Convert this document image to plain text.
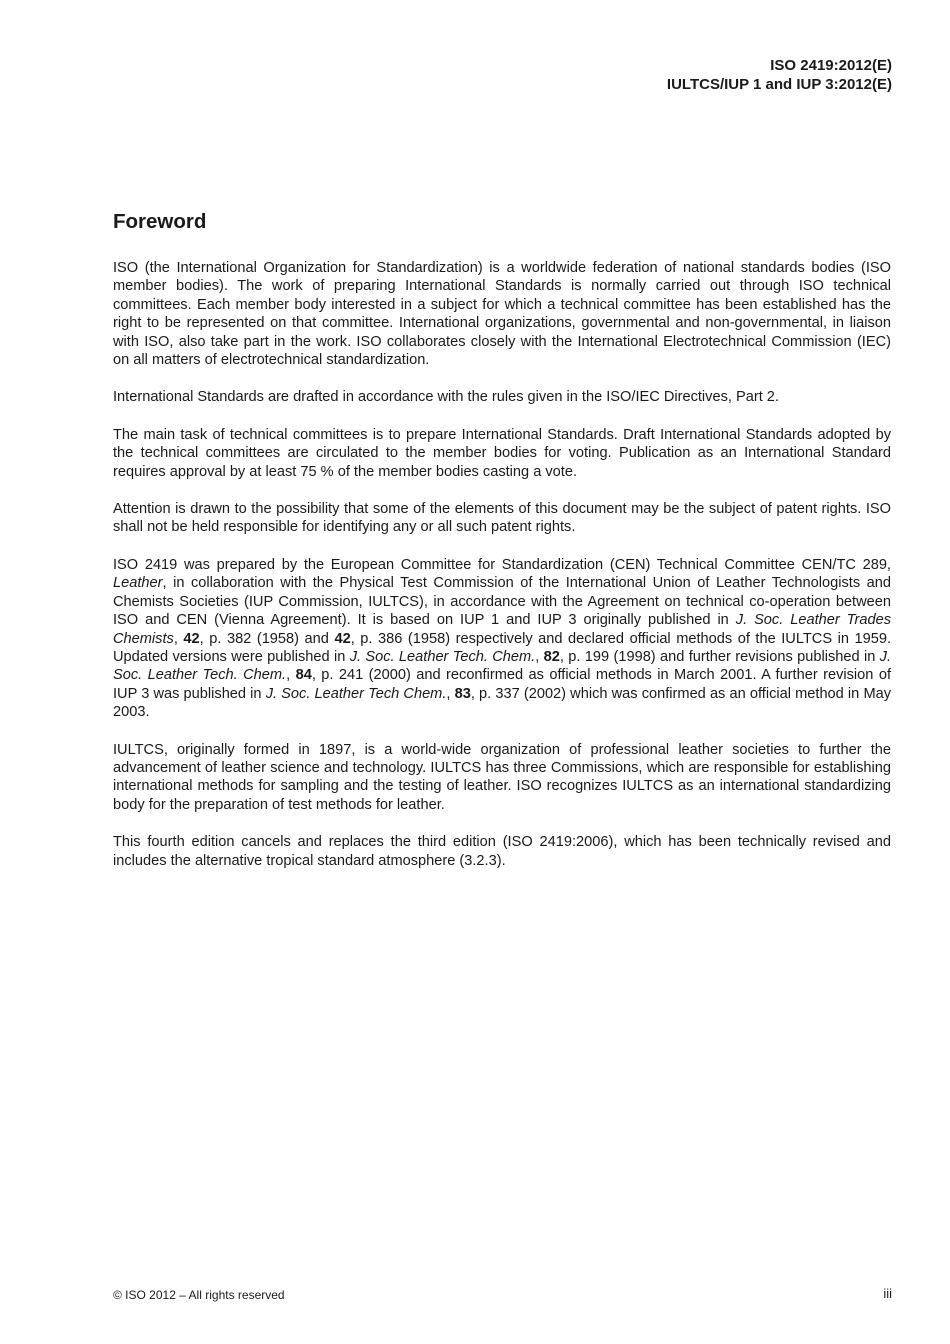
ISO 2419:2012(E)
IULTCS/IUP 1 and IUP 3:2012(E)
Foreword

ISO (the International Organization for Standardization) is a worldwide federation of national standards bodies (ISO member bodies). The work of preparing International Standards is normally carried out through ISO technical committees. Each member body interested in a subject for which a technical committee has been established has the right to be represented on that committee. International organizations, governmental and non-governmental, in liaison with ISO, also take part in the work. ISO collaborates closely with the International Electrotechnical Commission (IEC) on all matters of electrotechnical standardization.

International Standards are drafted in accordance with the rules given in the ISO/IEC Directives, Part 2.

The main task of technical committees is to prepare International Standards. Draft International Standards adopted by the technical committees are circulated to the member bodies for voting. Publication as an International Standard requires approval by at least 75 % of the member bodies casting a vote.

Attention is drawn to the possibility that some of the elements of this document may be the subject of patent rights. ISO shall not be held responsible for identifying any or all such patent rights.

ISO 2419 was prepared by the European Committee for Standardization (CEN) Technical Committee CEN/TC 289, Leather, in collaboration with the Physical Test Commission of the International Union of Leather Technologists and Chemists Societies (IUP Commission, IULTCS), in accordance with the Agreement on technical co-operation between ISO and CEN (Vienna Agreement). It is based on IUP 1 and IUP 3 originally published in J. Soc. Leather Trades Chemists, 42, p. 382 (1958) and 42, p. 386 (1958) respectively and declared official methods of the IULTCS in 1959. Updated versions were published in J. Soc. Leather Tech. Chem., 82, p. 199 (1998) and further revisions published in J. Soc. Leather Tech. Chem., 84, p. 241 (2000) and reconfirmed as official methods in March 2001. A further revision of IUP 3 was published in J. Soc. Leather Tech Chem., 83, p. 337 (2002) which was confirmed as an official method in May 2003.

IULTCS, originally formed in 1897, is a world-wide organization of professional leather societies to further the advancement of leather science and technology. IULTCS has three Commissions, which are responsible for establishing international methods for sampling and the testing of leather. ISO recognizes IULTCS as an international standardizing body for the preparation of test methods for leather.

This fourth edition cancels and replaces the third edition (ISO 2419:2006), which has been technically revised and includes the alternative tropical standard atmosphere (3.2.3).

© ISO 2012 – All rights reserved	iii
